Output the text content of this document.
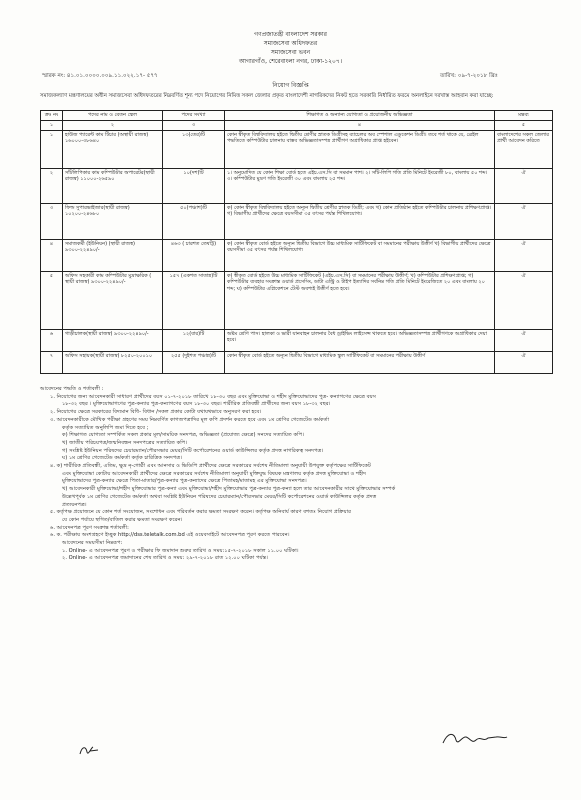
গণপ্রজাতন্ত্রী বাংলাদেশ সরকার
সমাজসেবা অধিদফতর
সমাজসেবা ভবন
আগারগাঁও, শেরেবাংলা নগর, ঢাকা-১২০৭।
স্মারক নং: ৪১.০১.০০০০.০০৯.১১.০২২.১৭- ৫৭৭	তারিখ: ০৯-৭-২০১৮ খ্রিঃ
নিয়োগ বিজ্ঞপ্তি
সমাজকল্যাণ মন্ত্রণালয়ের অধীন সমাজসেবা অধিদফতরের নিম্নবর্ণিত শূন্য পদে নিয়োগের নিমিত্ত সকল জেলার প্রকৃত বাংলাদেশী নাগরিকদের নিকট হতে সরকারি নির্ধারিত ফরমে অনলাইনে দরখাস্ত আহবান করা যাচ্ছে:
ক্রঃ নং	পদের নাম ও বেতন স্কেল	পদের সংখ্যা	শিক্ষাগত ও অন্যান্য যোগ্যতা ও প্রয়োজনীয় অভিজ্ঞতা	মন্তব্য
১	২	৩	৪	৫
১	হাউজ প্যারেন্ট কাম টিচার (অস্থায়ী রাজস্ব) ১৬০০০-৩৮৬৪০	১৩(তের)টি	কোন স্বীকৃত বিশ্ববিদ্যালয় হইতে দ্বিতীয় শ্রেণীর স্নাতক ডিগ্রীসহ ব্যাচেলর অব স্পেশাল এডুকেশন ডিগ্রী। তবে শর্ত থাকে যে, ব্রেইল পদ্ধতিতে কম্পিউটার চালনায় বাস্তব অভিজ্ঞতাসম্পন্ন প্রার্থীগণ অগ্রাধিকার প্রাপ্ত হইবেন।	বাংলাদেশের সকল জেলার প্রার্থী আবেদন করিতে
২	সাঁটলিপিকার কাম কম্পিউটার অপারেটর(স্থায়ী রাজস্ব) ১১০০০-২৬৫৯০	১০(দশ)টি	১। অনুমোদিত যে কোন শিক্ষা বোর্ড হতে এইচ.এস.সি বা সমমান পাশ। ২। সাঁট-লিপি গতি প্রতি মিনিটে ইংরেজী ৮০, বাংলায় ৫০ শব্দ। ৩। কম্পিউটার মুদ্রণ গতি ইংরেজী ৩০ এবং বাংলায় ২৫ শব্দ।	ঐ
৩	ফিল্ড সুপারভাইজার(স্থায়ী রাজস্ব) ১০২০০-২৪৬৮০	৫০(পঞ্চাশ)টি	ক) কোন স্বীকৃত বিশ্ববিদ্যালয় হইতে অন্যূন দ্বিতীয় শ্রেণীর স্নাতক ডিগ্রী; এবং খ) কোন প্রতিষ্ঠান হইতে কম্পিউটার চালনায় প্রশিক্ষণপ্রাপ্ত। গ) বিভাগীয় প্রার্থীদের ক্ষেত্রে বয়সসীমা ৩৫ বৎসর পর্যন্ত শিথিলযোগ্য।	ঐ
৪	সমাজকর্মী (ইউনিয়ন) (স্থায়ী রাজস্ব) ৯৩০০-২২৪৯০/-	৪৬৩ ( চারশত তেষট্টি)	ক) কোন স্বীকৃত বোর্ড হইতে অন্যূন দ্বিতীয় বিভাগে উচ্চ মাধ্যমিক সার্টিফিকেট বা সমমানের পরীক্ষায় উত্তীর্ণ খ) বিভাগীয় প্রার্থীদের ক্ষেত্রে বয়সসীমা ৩৫ বৎসর পর্যন্ত শিথিলযোগ্য	ঐ
৫	অফিস সহকারী কাম কম্পিউটার মুদ্রাক্ষরিক ( স্থায়ী রাজস্ব) ৯৩০০-২২৪৯০/-	১৫৭ (একশত সাতান্ন)টি	ক) স্বীকৃত বোর্ড হইতে উচ্চ মাধ্যমিক সার্টিফিকেট (এইচ.এস.সি) বা সমমানের পরীক্ষায় উত্তীর্ণ; খ) কম্পিউটার প্রশিক্ষণপ্রাপ্ত; গ) কম্পিউটার ব্যবহার সংক্রান্ত ওয়ার্ড প্রসেসিং, ডাটা এন্ট্রি ও টাইপ ইত্যাদির সর্বনিম্ন গতি প্রতি মিনিটে ইংরেজিতে ২০ এবং বাংলায় ২০ শব্দ; ঘ) কম্পিউটার এপ্লিকেশনে টেস্ট অবশ্যই উত্তীর্ণ হতে হবে।	ঐ
৬	গাড়ীচালক(স্থায়ী রাজস্ব) ৯৩০০-২২৪৯০/-	১২(বার)টি	অষ্টম শ্রেণি পাস। হালকা ও ভারী যানবাহন চালনার বৈধ ড্রাইভিং লাইসেন্স থাকতে হবে। অভিজ্ঞতাসম্পন্ন প্রার্থীগণকে অগ্রাধিকার দেয়া হবে।	ঐ
৭	অফিস সহায়ক(স্থায়ী রাজস্ব) ৮২৫০-২০০১০	২৫৫ (দুইশত পঞ্চান্ন)টি	কোন স্বীকৃত বোর্ড হইতে অন্যূন দ্বিতীয় বিভাগে মাধ্যমিক স্কুল সার্টিফিকেট বা সমমানের পরীক্ষায় উত্তীর্ণ	ঐ
আবেদনের পদ্ধতি ও শর্তাবলী :
১. নিয়োগের জন্য আবেদনকারী সাধারণ প্রার্থীদের বয়স ০১-৭-২০১৮ তারিখে ১৮-৩০ বছর এবং মুক্তিযোদ্ধা ও শহীদ মুক্তিযোদ্ধাদের পুত্র- কন্যাগণের ক্ষেত্রে বয়স
১৮-৩২ বছর । মুক্তিযোদ্ধাগণের পুত্র-কন্যার পুত্র-কন্যাগণের বয়স ১৮-৩০ বছর। শারীরিক প্রতিবন্ধী প্রার্থীদের জন্য বয়স ১৮-৩২ বছর।
২. নিয়োগের ক্ষেত্রে সরকারের বিদ্যমান বিধি- বিধান /সকল প্রকার কোটা যথাযথভাবে অনুসরণ করা হবে।
৩. আবেদনকারীকে মৌখিক পরীক্ষা গ্রহণের সময় নিম্নবর্ণিত কাগজপত্রাদির মূল কপি প্রদর্শন করতে হবে এবং ১ম শ্রেণির গেজেটেড কর্মকর্তা
কর্তৃক সত্যায়িত অনুলিপি জমা দিতে হবে ;
ক) শিক্ষাগত যোগ্যতা সম্পর্কিত সকল প্রকার মূল/সাময়িক সনদপত্র, অভিজ্ঞতা (প্রযোজ্য ক্ষেত্রে) সনদের সত্যায়িত কপি।
খ) জাতীয় পরিচয়পত্র/জন্মনিবন্ধন সনদপত্রের সত্যায়িত কপি।
গ) সংশ্লিষ্ট ইউনিয়ন পরিষদের চেয়ারম্যান/পৌরসভার মেয়র/সিটি কর্পোরেশনের ওয়ার্ড কাউন্সিলর কর্তৃক প্রদত্ত নাগরিকত্ব সনদপত্র।
ঘ) ১ম শ্রেণির গেজেটেড কর্মকর্তা কর্তৃক চারিত্রিক সনদপত্র।
৪. ক) শারীরিক প্রতিবন্ধী, এতিম, ক্ষুদ্র নৃ-গোষ্ঠী এবং আনসার ও ভিডিপি প্রার্থীদের ক্ষেত্রে সরকারের সর্বশেষ নীতিমালা অনুযায়ী উপযুক্ত কর্তৃপক্ষের সার্টিফিকেট
এবং মুক্তিযোদ্ধা কোটায় আবেদনকারী প্রার্থীদের ক্ষেত্রে সরকারের সর্বশেষ নীতিমালা অনুযায়ী মুক্তিযুদ্ধ বিষয়ক মন্ত্রণালয় কর্তৃক প্রদত্ত মুক্তিযোদ্ধা ও শহীদ
মুক্তিযোদ্ধাদের পুত্র-কন্যার ক্ষেত্রে পিতা-মাতার/পুত্র-কন্যার পুত্র-কন্যাদের ক্ষেত্রে পিতামহ/মাতামহ এর মুক্তিযোদ্ধা সনদপত্র।
খ) আবেদনকারী মুক্তিযোদ্ধা/শহীদ মুক্তিযোদ্ধার পুত্র-কন্যা এবং মুক্তিযোদ্ধা/শহীদ মুক্তিযোদ্ধার পুত্র-কন্যার পুত্র-কন্যা হলে তার আবেদনকারীর সাথে মুক্তিযোদ্ধার সম্পর্ক
উল্লেখপূর্বক ১ম শ্রেণির গেজেটেড কর্মকর্তা অথবা সংশ্লিষ্ট ইউনিয়ন পরিষদের চেয়ারম্যান/পৌরসভার মেয়র/সিটি কর্পোরেশনের ওয়ার্ড কাউন্সিলর কর্তৃক প্রদত্ত
প্রত্যয়নপত্র।
৫. কর্তৃপক্ষ প্রয়োজনে যে কোন শর্ত সংযোজন, সংশোধন এবং পরিবর্তন করার ক্ষমতা সংরক্ষণ করেন। কর্তৃপক্ষ অনিবার্য কারণ বশতঃ নিয়োগ প্রক্রিয়ার
যে কোন পর্যায়ে স্থগিত/বাতিল করার ক্ষমতা সংরক্ষণ করেন।
৬. আবেদনপত্র পূরণ সংক্রান্ত শর্তাবলী:
৬. ক. পরীক্ষায় অংশগ্রহণে ইচ্ছুক http://dss.teletalk.com.bd এই ওয়েবসাইটে আবেদনপত্র পূরণ করতে পারবেন।
আবেদনের সময়সীমা নিম্নরূপ:
১. Online- এ আবেদনপত্র পূরণ ও পরীক্ষার ফি জমাদান শুরুর তারিখ ও সময়:১৫-৭-২০১৮ সকাল ১১.০০ ঘটিকা।
২. Online- এ আবেদনপত্র জমাদানের শেষ তারিখ ও সময়: ২৯-৭-২০১৮ রাত ১২.০০ ঘটিকা পর্যন্ত।
